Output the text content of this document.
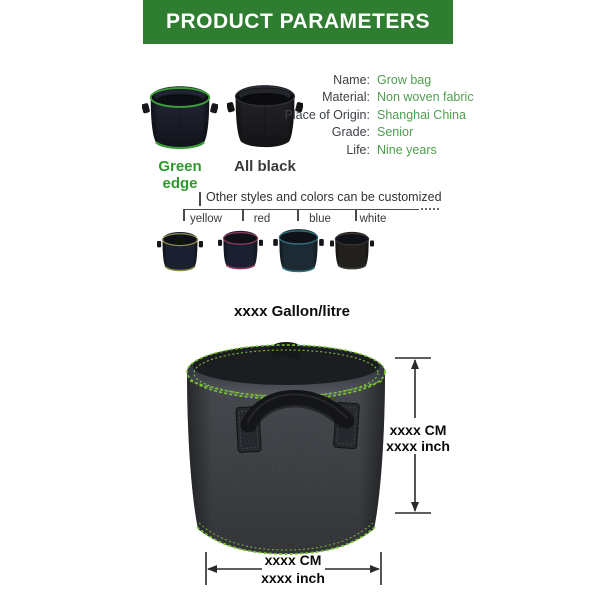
PRODUCT PARAMETERS
Green edge
All black
Name: Grow bag
Material: Non woven fabric
Place of Origin: Shanghai China
Grade: Senior
Life: Nine years
Other styles and colors can be customized
yellow	red	blue white
xxxx Gallon/litre
xxxx CM
xxxx inch
xxxx CM
xxxx inch
